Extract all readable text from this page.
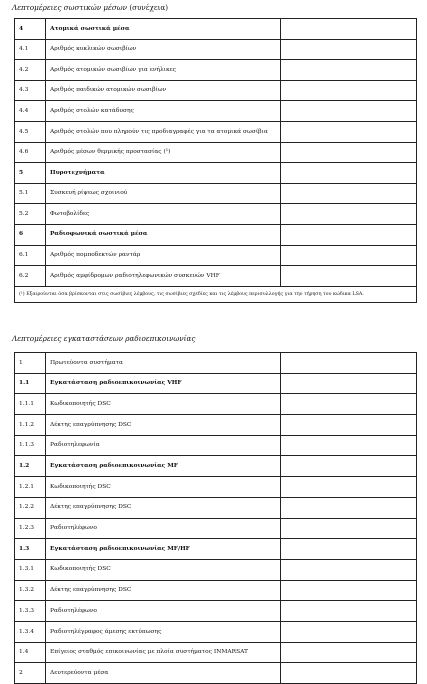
Λεπτομέρειες σωστικών μέσων (συνέχεια)
4	Ατομικά σωστικά μέσα	
4.1	Αριθμός κυκλικών σωσιβίων	
4.2	Αριθμός ατομικών σωσιβίων για ενήλικες	
4.3	Αριθμός παιδικών ατομικών σωσιβίων	
4.4	Αριθμός στολών κατάδυσης	
4.5	Αριθμός στολών που πληρούν τις προδιαγραφές για τα ατομικά σωσίβια	
4.6	Αριθμός μέσων θερμικής προστασίας (¹)	
5	Πυροτεχνήματα	
5.1	Συσκευή ρίψεως σχοινιού	
5.2	Φωτοβολίδες	
6	Ραδιοφωνικά σωστικά μέσα	
6.1	Αριθμός πομποδεκτών ραντάρ	
6.2	Αριθμός αμφίδρομων ραδιοτηλεφωνικών συσκευών VHF	
(¹) Εξαιρούνται όσα βρίσκονται στις σωσίβιες λέμβους, τις σωσίβιες σχεδίες και τις λέμβους περισυλλογής για την τήρηση του κώδικα LSA.		
Λεπτομέρειες εγκαταστάσεων ραδιοεπικοινωνίας
1	Πρωτεύοντα συστήματα	
1.1	Εγκατάσταση ραδιοεπικοινωνίας VHF	
1.1.1	Κωδικοποιητής DSC	
1.1.2	Δέκτης επαγρύπνησης DSC	
1.1.3	Ραδιοτηλεφωνία	
1.2	Εγκατάσταση ραδιοεπικοινωνίας MF	
1.2.1	Κωδικοποιητής DSC	
1.2.2	Δέκτης επαγρύπνησης DSC	
1.2.3	Ραδιοτηλέφωνο	
1.3	Εγκατάσταση ραδιοεπικοινωνίας MF/HF	
1.3.1	Κωδικοποιητής DSC	
1.3.2	Δέκτης επαγρύπνησης DSC	
1.3.3	Ραδιοτηλέφωνο	
1.3.4	Ραδιοτηλέγραφος άμεσης εκτύπωσης	
1.4	Επίγειος σταθμός επικοινωνίας με πλοία συστήματος INMARSAT	
2	Δευτερεύοντα μέσα	
